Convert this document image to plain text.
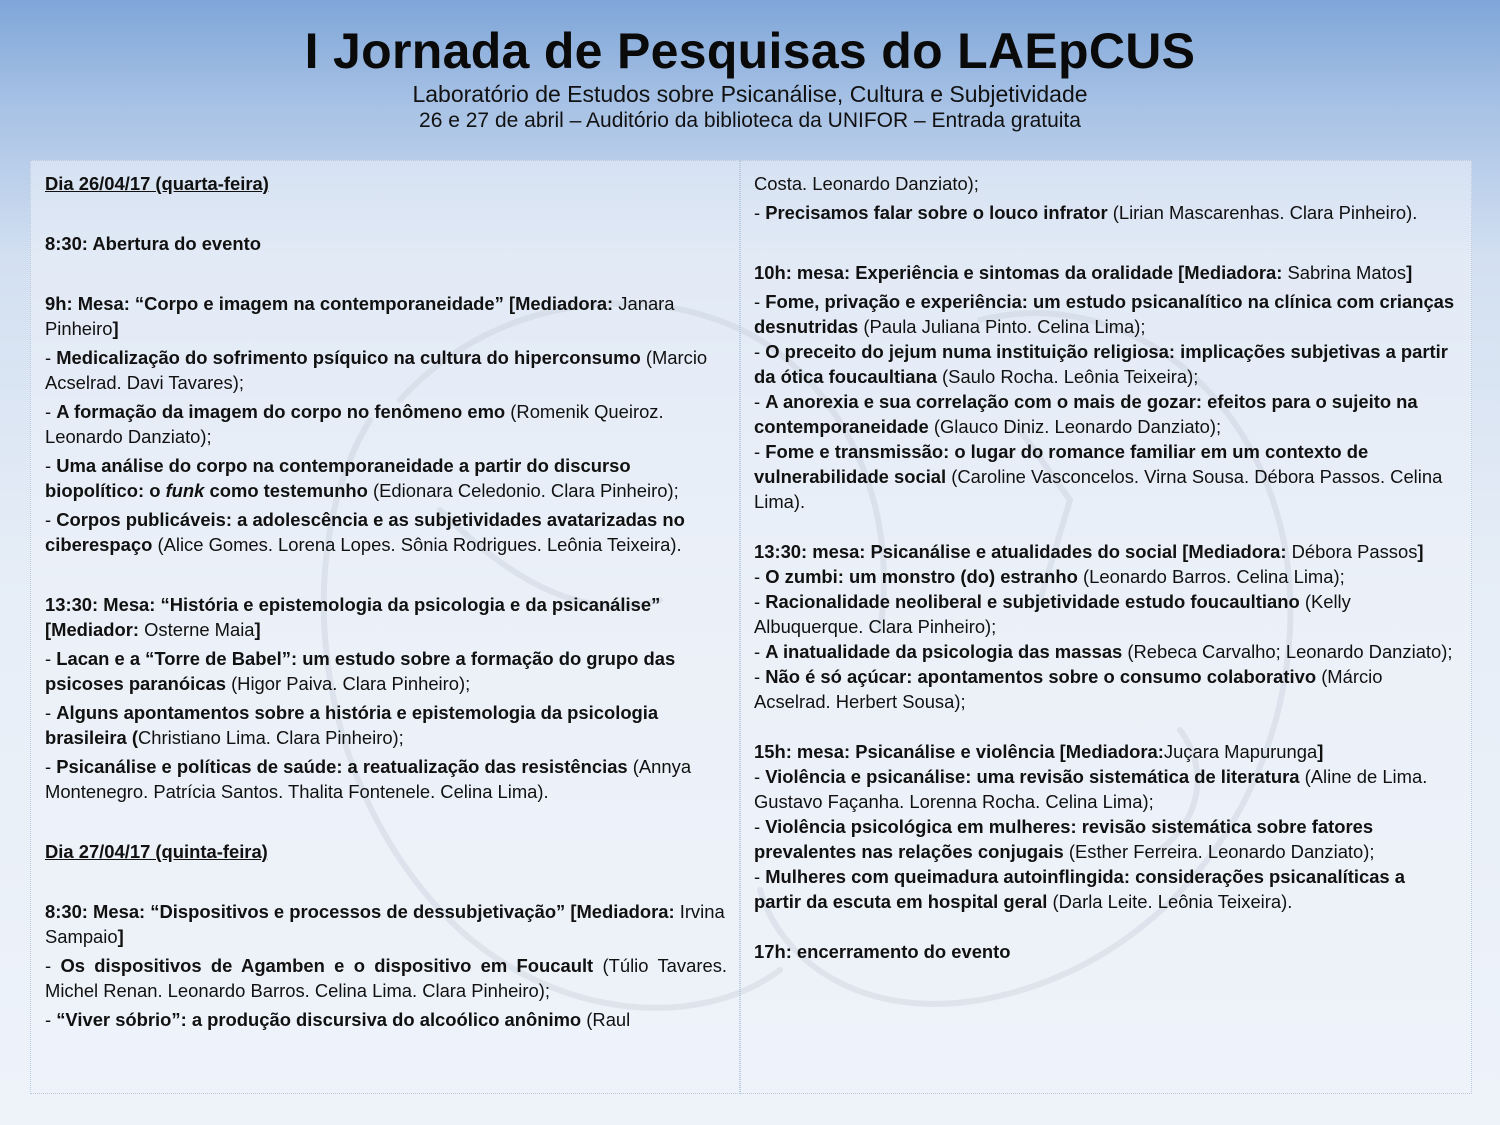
I Jornada de Pesquisas do LAEpCUS
Laboratório de Estudos sobre Psicanálise, Cultura e Subjetividade
26 e 27 de abril – Auditório da biblioteca da UNIFOR – Entrada gratuita

Dia 26/04/17 (quarta-feira)

8:30: Abertura do evento

9h: Mesa: “Corpo e imagem na contemporaneidade” [Mediadora: Janara Pinheiro]

- Medicalização do sofrimento psíquico na cultura do hiperconsumo (Marcio Acselrad. Davi Tavares);

- A formação da imagem do corpo no fenômeno emo (Romenik Queiroz. Leonardo Danziato);

- Uma análise do corpo na contemporaneidade a partir do discurso biopolítico: o funk como testemunho (Edionara Celedonio. Clara Pinheiro);

- Corpos publicáveis: a adolescência e as subjetividades avatarizadas no ciberespaço (Alice Gomes. Lorena Lopes. Sônia Rodrigues. Leônia Teixeira).

13:30: Mesa: “História e epistemologia da psicologia e da psicanálise” [Mediador: Osterne Maia]

- Lacan e a “Torre de Babel”: um estudo sobre a formação do grupo das psicoses paranóicas (Higor Paiva. Clara Pinheiro);

- Alguns apontamentos sobre a história e epistemologia da psicologia brasileira (Christiano Lima. Clara Pinheiro);

- Psicanálise e políticas de saúde: a reatualização das resistências (Annya Montenegro. Patrícia Santos. Thalita Fontenele. Celina Lima).

Dia 27/04/17 (quinta-feira)

8:30: Mesa: “Dispositivos e processos de dessubjetivação” [Mediadora: Irvina Sampaio]

- Os dispositivos de Agamben e o dispositivo em Foucault (Túlio Tavares. Michel Renan. Leonardo Barros. Celina Lima. Clara Pinheiro);

- “Viver sóbrio”: a produção discursiva do alcoólico anônimo (Raul

Costa. Leonardo Danziato);

- Precisamos falar sobre o louco infrator (Lirian Mascarenhas. Clara Pinheiro).

10h: mesa: Experiência e sintomas da oralidade [Mediadora: Sabrina Matos]

- Fome, privação e experiência: um estudo psicanalítico na clínica com crianças desnutridas (Paula Juliana Pinto. Celina Lima);

- O preceito do jejum numa instituição religiosa: implicações subjetivas a partir da ótica foucaultiana (Saulo Rocha. Leônia Teixeira);

- A anorexia e sua correlação com o mais de gozar: efeitos para o sujeito na contemporaneidade (Glauco Diniz. Leonardo Danziato);

- Fome e transmissão: o lugar do romance familiar em um contexto de vulnerabilidade social (Caroline Vasconcelos. Virna Sousa. Débora Passos. Celina Lima).

13:30: mesa: Psicanálise e atualidades do social [Mediadora: Débora Passos]

- O zumbi: um monstro (do) estranho (Leonardo Barros. Celina Lima);

- Racionalidade neoliberal e subjetividade estudo foucaultiano (Kelly Albuquerque. Clara Pinheiro);

- A inatualidade da psicologia das massas (Rebeca Carvalho; Leonardo Danziato);

- Não é só açúcar: apontamentos sobre o consumo colaborativo (Márcio Acselrad. Herbert Sousa);

15h: mesa: Psicanálise e violência [Mediadora:Juçara Mapurunga]

- Violência e psicanálise: uma revisão sistemática de literatura (Aline de Lima. Gustavo Façanha. Lorenna Rocha. Celina Lima);

- Violência psicológica em mulheres: revisão sistemática sobre fatores prevalentes nas relações conjugais (Esther Ferreira. Leonardo Danziato);

- Mulheres com queimadura autoinflingida: considerações psicanalíticas a partir da escuta em hospital geral (Darla Leite. Leônia Teixeira).

17h: encerramento do evento
